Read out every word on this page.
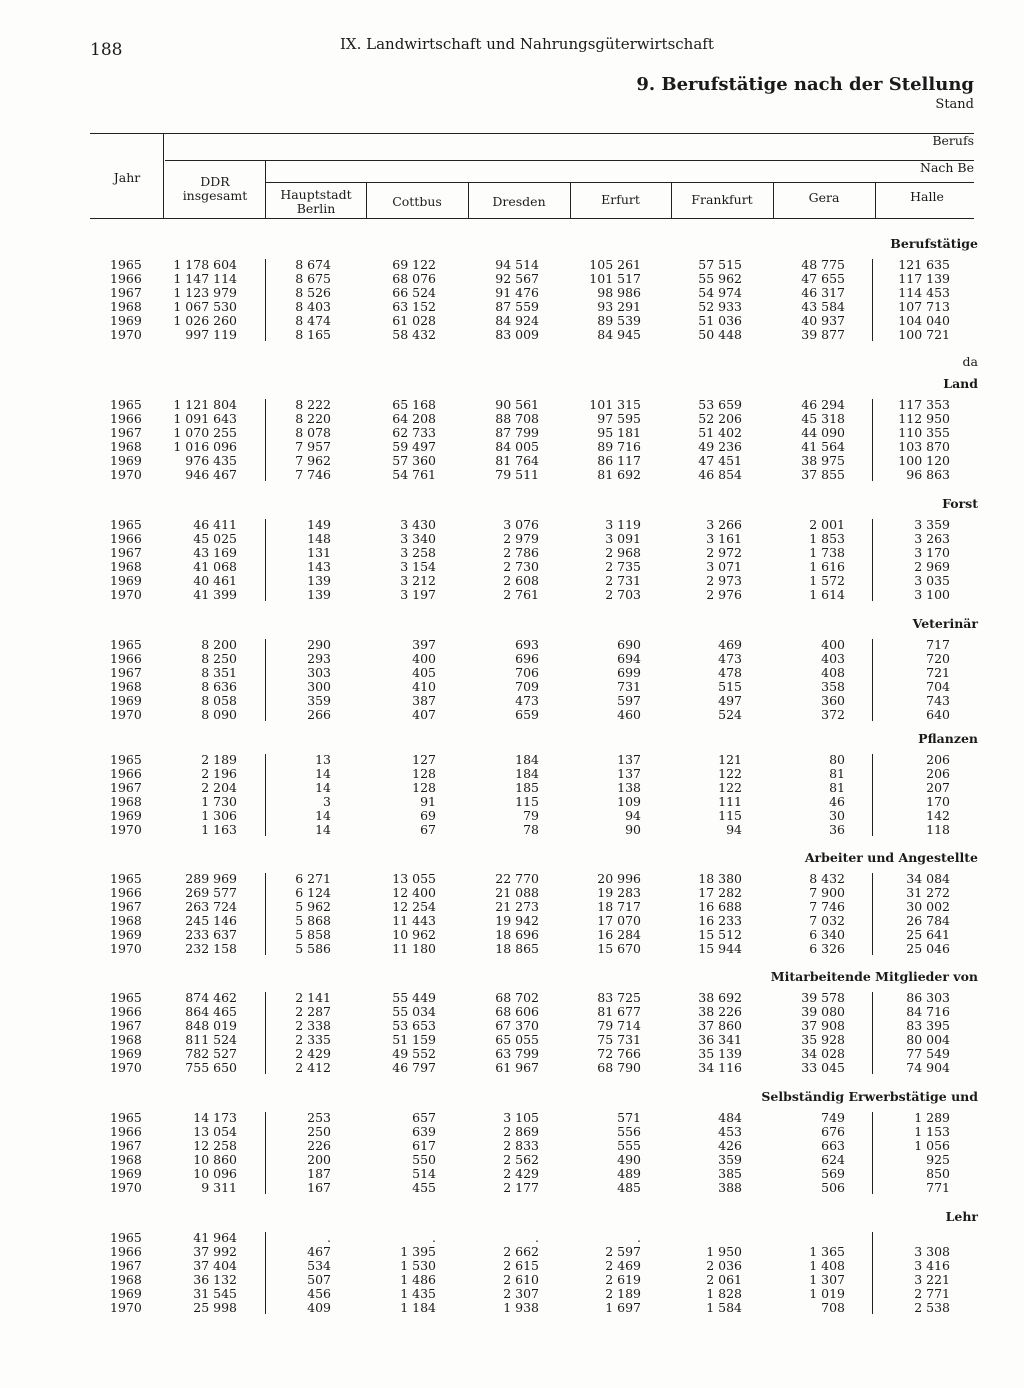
188	IX. Landwirtschaft und Nahrungsgüterwirtschaft
9. Berufstätige nach der Stellung
Stand
Jahr	DDR
insgesamt
Berufs
Nach Be
Hauptstadt
Berlin	Cottbus	Dresden	Erfurt	Frankfurt	Gera	Halle
Berufstätige
1965	1 178 604	8 674	69 122	94 514	105 261	57 515	48 775	121 635
1966	1 147 114	8 675	68 076	92 567	101 517	55 962	47 655	117 139
1967	1 123 979	8 526	66 524	91 476	98 986	54 974	46 317	114 453
1968	1 067 530	8 403	63 152	87 559	93 291	52 933	43 584	107 713
1969	1 026 260	8 474	61 028	84 924	89 539	51 036	40 937	104 040
1970	997 119	8 165	58 432	83 009	84 945	50 448	39 877	100 721
Land
da
1965	1 121 804	8 222	65 168	90 561	101 315	53 659	46 294	117 353
1966	1 091 643	8 220	64 208	88 708	97 595	52 206	45 318	112 950
1967	1 070 255	8 078	62 733	87 799	95 181	51 402	44 090	110 355
1968	1 016 096	7 957	59 497	84 005	89 716	49 236	41 564	103 870
1969	976 435	7 962	57 360	81 764	86 117	47 451	38 975	100 120
1970	946 467	7 746	54 761	79 511	81 692	46 854	37 855	96 863
Forst
1965	46 411	149	3 430	3 076	3 119	3 266	2 001	3 359
1966	45 025	148	3 340	2 979	3 091	3 161	1 853	3 263
1967	43 169	131	3 258	2 786	2 968	2 972	1 738	3 170
1968	41 068	143	3 154	2 730	2 735	3 071	1 616	2 969
1969	40 461	139	3 212	2 608	2 731	2 973	1 572	3 035
1970	41 399	139	3 197	2 761	2 703	2 976	1 614	3 100
Veterinär
1965	8 200	290	397	693	690	469	400	717
1966	8 250	293	400	696	694	473	403	720
1967	8 351	303	405	706	699	478	408	721
1968	8 636	300	410	709	731	515	358	704
1969	8 058	359	387	473	597	497	360	743
1970	8 090	266	407	659	460	524	372	640
Pflanzen
1965	2 189	13	127	184	137	121	80	206
1966	2 196	14	128	184	137	122	81	206
1967	2 204	14	128	185	138	122	81	207
1968	1 730	3	91	115	109	111	46	170
1969	1 306	14	69	79	94	115	30	142
1970	1 163	14	67	78	90	94	36	118
Arbeiter und Angestellte
1965	289 969	6 271	13 055	22 770	20 996	18 380	8 432	34 084
1966	269 577	6 124	12 400	21 088	19 283	17 282	7 900	31 272
1967	263 724	5 962	12 254	21 273	18 717	16 688	7 746	30 002
1968	245 146	5 868	11 443	19 942	17 070	16 233	7 032	26 784
1969	233 637	5 858	10 962	18 696	16 284	15 512	6 340	25 641
1970	232 158	5 586	11 180	18 865	15 670	15 944	6 326	25 046
Mitarbeitende Mitglieder von
1965	874 462	2 141	55 449	68 702	83 725	38 692	39 578	86 303
1966	864 465	2 287	55 034	68 606	81 677	38 226	39 080	84 716
1967	848 019	2 338	53 653	67 370	79 714	37 860	37 908	83 395
1968	811 524	2 335	51 159	65 055	75 731	36 341	35 928	80 004
1969	782 527	2 429	49 552	63 799	72 766	35 139	34 028	77 549
1970	755 650	2 412	46 797	61 967	68 790	34 116	33 045	74 904
Selbständig Erwerbstätige und
1965	14 173	253	657	3 105	571	484	749	1 289
1966	13 054	250	639	2 869	556	453	676	1 153
1967	12 258	226	617	2 833	555	426	663	1 056
1968	10 860	200	550	2 562	490	359	624	925
1969	10 096	187	514	2 429	489	385	569	850
1970	9 311	167	455	2 177	485	388	506	771
Lehr
1965	41 964	.	.	.	.
1966	37 992	467	1 395	2 662	2 597	1 950	1 365	3 308
1967	37 404	534	1 530	2 615	2 469	2 036	1 408	3 416
1968	36 132	507	1 486	2 610	2 619	2 061	1 307	3 221
1969	31 545	456	1 435	2 307	2 189	1 828	1 019	2 771
1970	25 998	409	1 184	1 938	1 697	1 584	708	2 538
